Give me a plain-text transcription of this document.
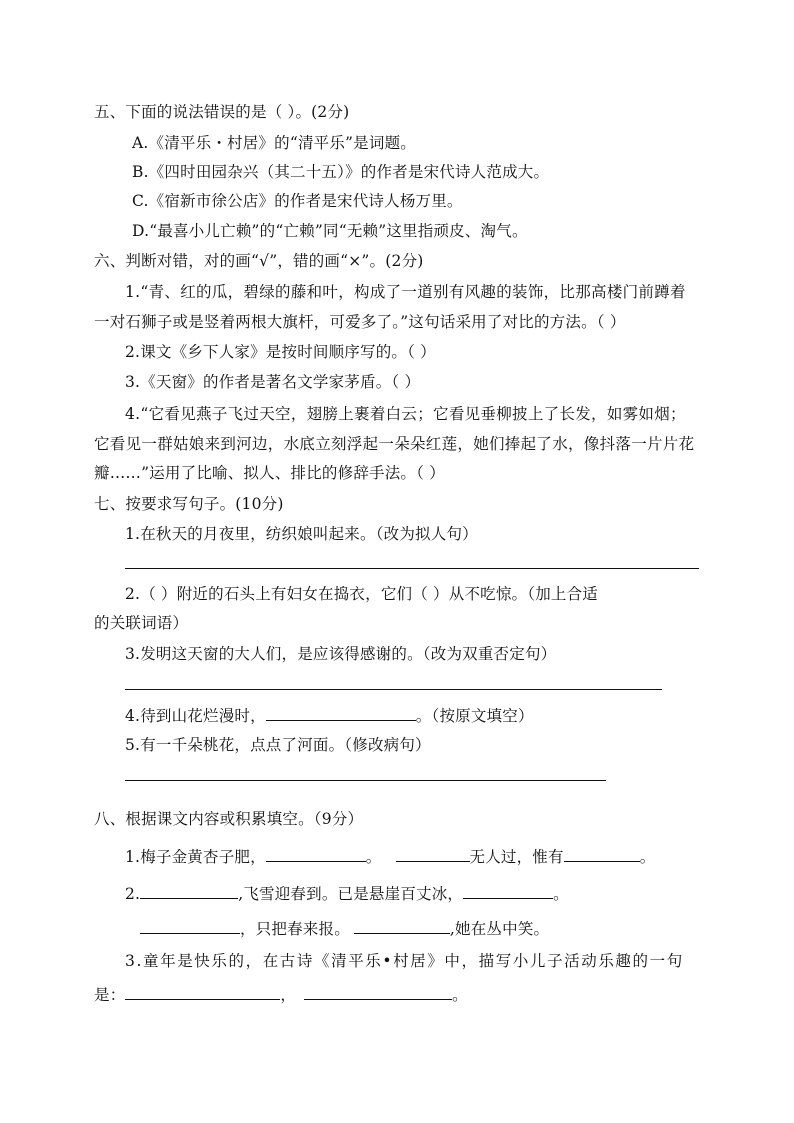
五、下面的说法错误的是（ ）。(2分)
A.《清平乐・村居》的“清平乐”是词题。
B.《四时田园杂兴（其二十五）》的作者是宋代诗人范成大。
C.《宿新市徐公店》的作者是宋代诗人杨万里。
D.“最喜小儿亡赖”的“亡赖”同“无赖”这里指顽皮、淘气。
六、判断对错，对的画“√”，错的画“×”。(2分)
1.“青、红的瓜，碧绿的藤和叶，构成了一道别有风趣的装饰，比那高楼门前蹲着
一对石狮子或是竖着两根大旗杆，可爱多了。”这句话采用了对比的方法。（ ）
2.课文《乡下人家》是按时间顺序写的。（ ）
3.《天窗》的作者是著名文学家茅盾。（ ）
4.“它看见燕子飞过天空，翅膀上裹着白云；它看见垂柳披上了长发，如雾如烟；
它看见一群姑娘来到河边，水底立刻浮起一朵朵红莲，她们捧起了水，像抖落一片片花
瓣……”运用了比喻、拟人、排比的修辞手法。（ ）
七、按要求写句子。(10分)
1.在秋天的月夜里，纺织娘叫起来。（改为拟人句）
2.（ ）附近的石头上有妇女在捣衣，它们（ ）从不吃惊。（加上合适
的关联词语）
3.发明这天窗的大人们，是应该得感谢的。（改为双重否定句）
4.待到山花烂漫时，	。（按原文填空）
5.有一千朵桃花，点点了河面。（修改病句）
八、根据课文内容或积累填空。（9分）
1.梅子金黄杏子肥，	。	无人过，惟有	。
2.	,飞雪迎春到。已是悬崖百丈冰，	。
，只把春来报。	,她在丛中笑。
3.童年是快乐的，在古诗《清平乐•村居》中，描写小儿子活动乐趣的一句
是：	，	。
